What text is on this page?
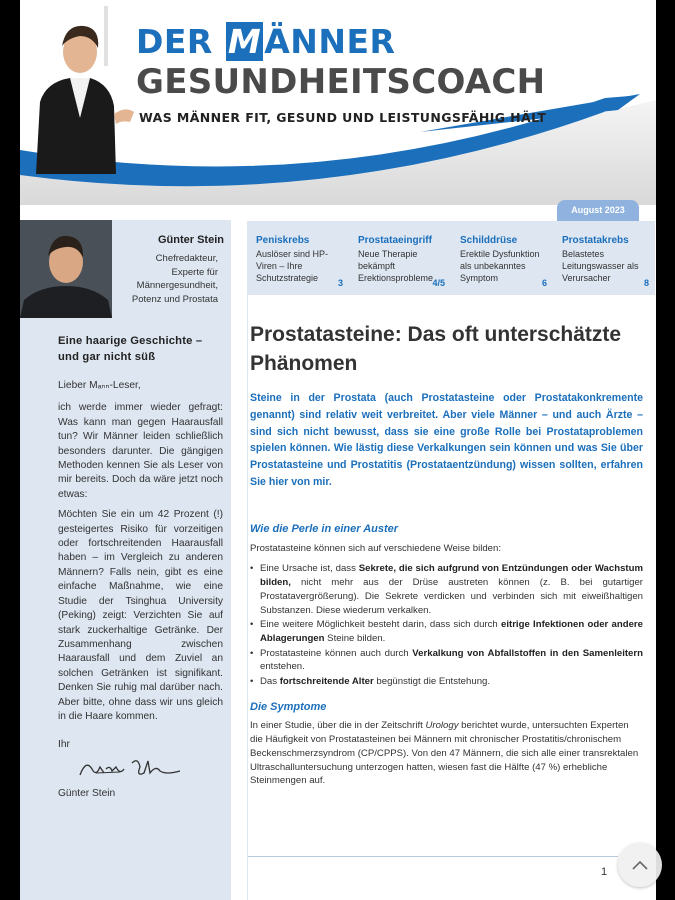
DER MÄNNER
GESUNDHEITSCOACH
WAS MÄNNER FIT, GESUND UND LEISTUNGSFÄHIG HÄLT
Günter Stein
Chefredakteur,
Experte für
Männergesundheit,
Potenz und Prostata
Eine haarige Geschichte – und gar nicht süß

Lieber Mₐₙₙ-Leser,

ich werde immer wieder gefragt: Was kann man gegen Haarausfall tun? Wir Männer leiden schließlich besonders darunter. Die gängigen Methoden kennen Sie als Leser von mir bereits. Doch da wäre jetzt noch etwas:

Möchten Sie ein um 42 Prozent (!) gesteigertes Risiko für vorzeitigen oder fortschreitenden Haarausfall haben – im Vergleich zu anderen Männern? Falls nein, gibt es eine einfache Maßnahme, wie eine Studie der Tsinghua University (Peking) zeigt: Verzichten Sie auf stark zuckerhaltige Getränke. Der Zusammenhang zwischen Haarausfall und dem Zuviel an solchen Getränken ist signifikant. Denken Sie ruhig mal darüber nach. Aber bitte, ohne dass wir uns gleich in die Haare kommen.

Ihr
Günter Stein
August 2023
Peniskrebs
Auslöser sind HP-Viren – Ihre Schutzstrategie	3
Prostataeingriff
Neue Therapie bekämpft Erektionsprobleme 4/5
Schilddrüse
Erektile Dysfunktion als unbekanntes Symptom	6
Prostatakrebs
Belastetes Leitungswasser als Verursacher	8
Prostatasteine: Das oft unterschätzte Phänomen
Steine in der Prostata (auch Prostatasteine oder Prostatakonkremente genannt) sind relativ weit verbreitet. Aber viele Männer – und auch Ärzte – sind sich nicht bewusst, dass sie eine große Rolle bei Prostataproblemen spielen können. Wie lästig diese Verkalkungen sein können und was Sie über Prostatasteine und Prostatitis (Prostataentzündung) wissen sollten, erfahren Sie hier von mir.
Wie die Perle in einer Auster

Prostatasteine können sich auf verschiedene Weise bilden:

• Eine Ursache ist, dass Sekrete, die sich aufgrund von Entzündungen oder Wachstum bilden, nicht mehr aus der Drüse austreten können (z. B. bei gutartiger Prostatavergrößerung). Die Sekrete verdicken und verbinden sich mit eiweißhaltigen Substanzen. Diese wiederum verkalken.
• Eine weitere Möglichkeit besteht darin, dass sich durch eitrige Infektionen oder andere Ablagerungen Steine bilden.
• Prostatasteine können auch durch Verkalkung von Abfallstoffen in den Samenleitern entstehen.
• Das fortschreitende Alter begünstigt die Entstehung.
Die Symptome

In einer Studie, über die in der Zeitschrift Urology berichtet wurde, untersuchten Experten die Häufigkeit von Prostatasteinen bei Männern mit chronischer Prostatitis/chronischem Beckenschmerzsyndrom (CP/CPPS). Von den 47 Männern, die sich alle einer transrektalen Ultraschalluntersuchung unterzogen hatten, wiesen fast die Hälfte (47 %) erhebliche Steinmengen auf.

1
